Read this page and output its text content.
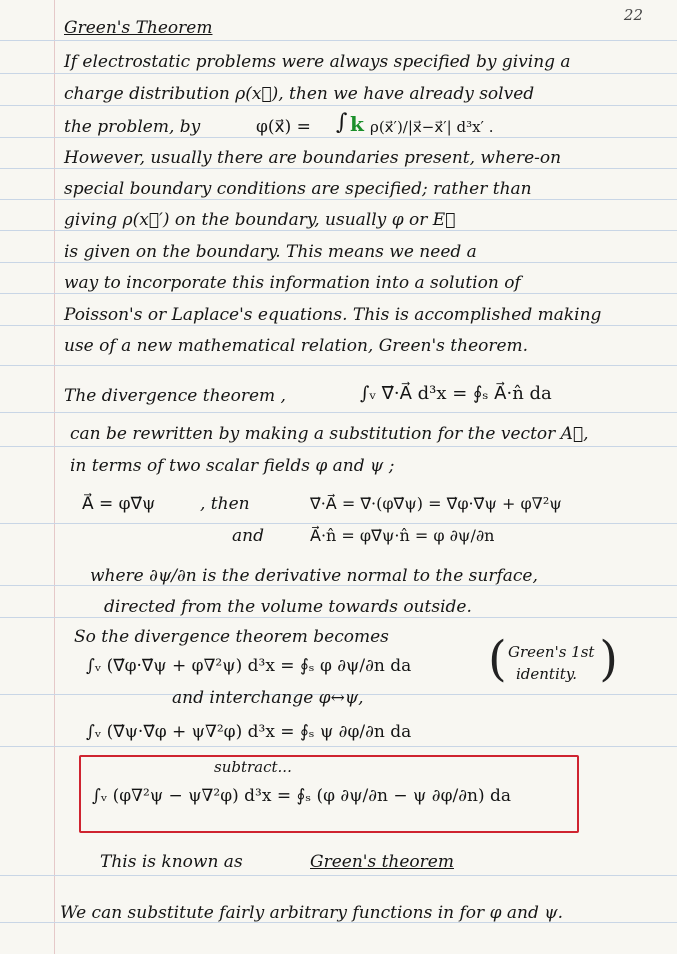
22
Green's Theorem
If electrostatic problems were always specified by giving a
charge distribution ρ(x⃗), then we have already solved
the problem, by	φ(x⃗) = ∫ k ρ(x⃗′)/|x⃗−x⃗′| d³x′ .
However, usually there are boundaries present, where-on
special boundary conditions are specified; rather than
giving ρ(x⃗′) on the boundary, usually φ or E⃗
is given on the boundary. This means we need a
way to incorporate this information into a solution of
Poisson's or Laplace's equations. This is accomplished making
use of a new mathematical relation, Green's theorem.
The divergence theorem ,	∫ᵥ ∇⃗·A⃗ d³x = ∮ₛ A⃗·n̂ da
can be rewritten by making a substitution for the vector A⃗,
in terms of two scalar fields φ and ψ ;
A⃗ = φ∇⃗ψ	, then	∇⃗·A⃗ = ∇⃗·(φ∇⃗ψ) = ∇⃗φ·∇⃗ψ + φ∇²ψ
and	A⃗·n̂ = φ∇⃗ψ·n̂ = φ ∂ψ/∂n
where ∂ψ/∂n is the derivative normal to the surface,
directed from the volume towards outside.
So the divergence theorem becomes
∫ᵥ (∇⃗φ·∇⃗ψ + φ∇²ψ) d³x = ∮ₛ φ ∂ψ/∂n da ( Green's 1st
identity. )
and interchange φ↔ψ,
∫ᵥ (∇⃗ψ·∇⃗φ + ψ∇²φ) d³x = ∮ₛ ψ ∂φ/∂n da
subtract...
∫ᵥ (φ∇²ψ − ψ∇²φ) d³x = ∮ₛ (φ ∂ψ/∂n − ψ ∂φ/∂n) da
This is known as	Green's theorem
We can substitute fairly arbitrary functions in for φ and ψ.
